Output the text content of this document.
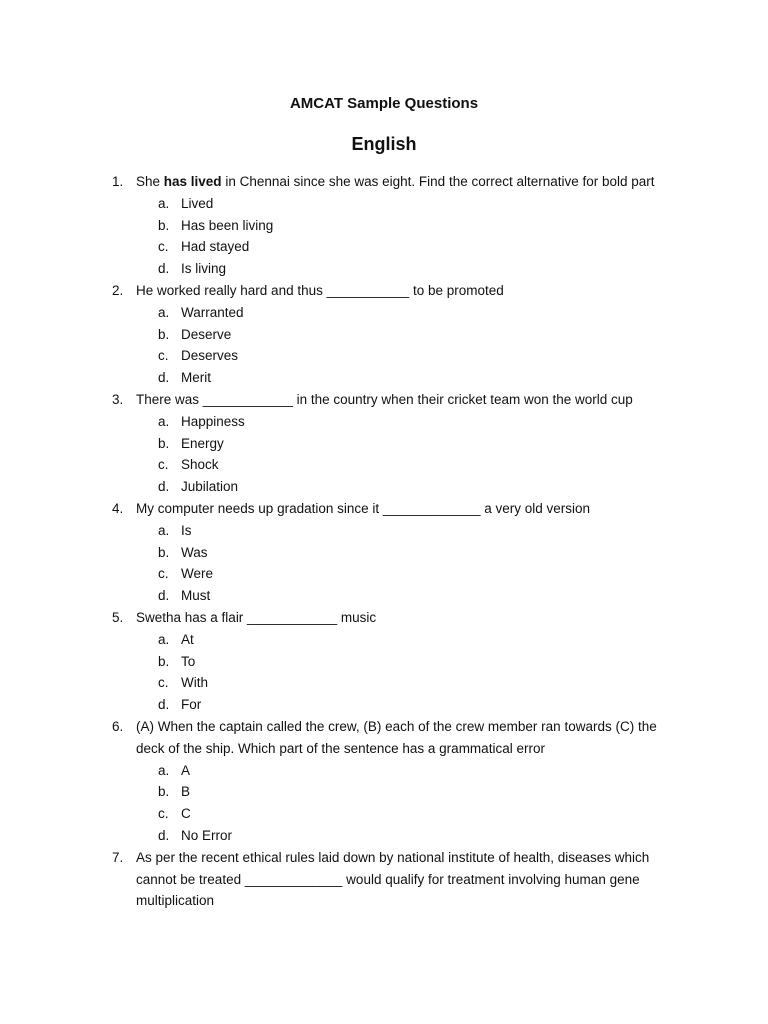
AMCAT Sample Questions
English
1. She has lived in Chennai since she was eight. Find the correct alternative for bold part
a. Lived
b. Has been living
c. Had stayed
d. Is living
2. He worked really hard and thus ___________ to be promoted
a. Warranted
b. Deserve
c. Deserves
d. Merit
3. There was ____________ in the country when their cricket team won the world cup
a. Happiness
b. Energy
c. Shock
d. Jubilation
4. My computer needs up gradation since it _____________ a very old version
a. Is
b. Was
c. Were
d. Must
5. Swetha has a flair ____________ music
a. At
b. To
c. With
d. For
6. (A) When the captain called the crew, (B) each of the crew member ran towards (C) the deck of the ship. Which part of the sentence has a grammatical error
a. A
b. B
c. C
d. No Error
7. As per the recent ethical rules laid down by national institute of health, diseases which cannot be treated _____________ would qualify for treatment involving human gene multiplication
